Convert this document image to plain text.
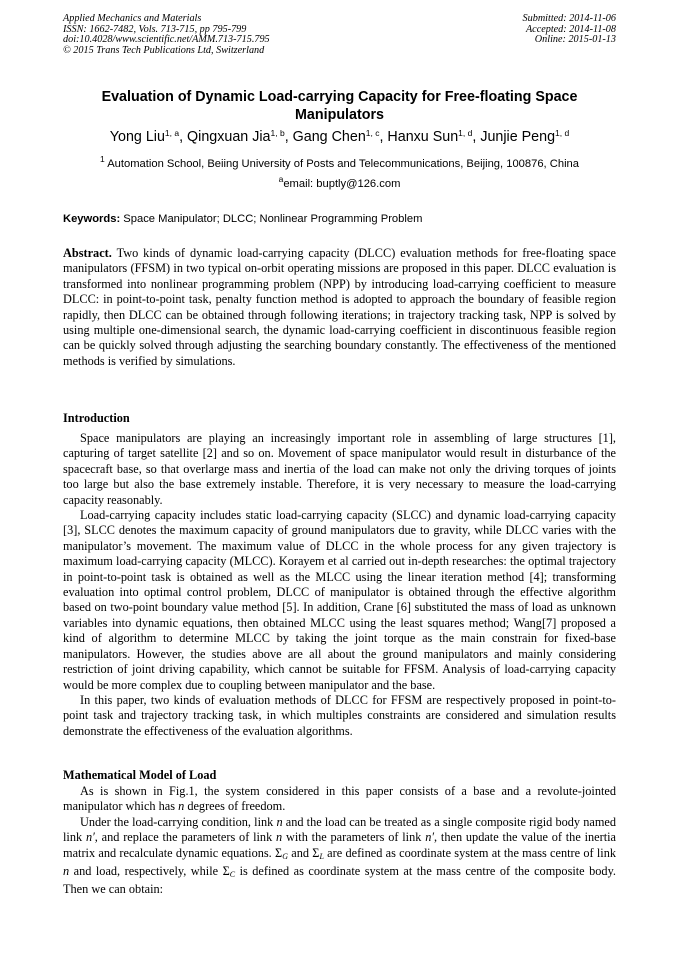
Applied Mechanics and Materials
ISSN: 1662-7482, Vols. 713-715, pp 795-799
doi:10.4028/www.scientific.net/AMM.713-715.795
© 2015 Trans Tech Publications Ltd, Switzerland
Submitted: 2014-11-06
Accepted: 2014-11-08
Online: 2015-01-13
Evaluation of Dynamic Load-carrying Capacity for Free-floating Space Manipulators
Yong Liu$^{1, a}$, Qingxuan Jia$^{1, b}$, Gang Chen$^{1, c}$, Hanxu Sun$^{1, d}$, Junjie Peng$^{1, d}$
$^1$ Automation School, Beiing University of Posts and Telecommunications, Beijing, 100876, China
$^a$email: buptly@126.com
Keywords: Space Manipulator; DLCC; Nonlinear Programming Problem
Abstract. Two kinds of dynamic load-carrying capacity (DLCC) evaluation methods for free-floating space manipulators (FFSM) in two typical on-orbit operating missions are proposed in this paper. DLCC evaluation is transformed into nonlinear programming problem (NPP) by introducing load-carrying coefficient to measure DLCC: in point-to-point task, penalty function method is adopted to approach the boundary of feasible region rapidly, then DLCC can be obtained through following iterations; in trajectory tracking task, NPP is solved by using multiple one-dimensional search, the dynamic load-carrying coefficient in discontinuous feasible region can be quickly solved through adjusting the searching boundary constantly. The effectiveness of the mentioned methods is verified by simulations.
Introduction

Space manipulators are playing an increasingly important role in assembling of large structures [1], capturing of target satellite [2] and so on. Movement of space manipulator would result in disturbance of the spacecraft base, so that overlarge mass and inertia of the load can make not only the driving torques of joints too large but also the base extremely instable. Therefore, it is very necessary to measure the load-carrying capacity reasonably.

Load-carrying capacity includes static load-carrying capacity (SLCC) and dynamic load-carrying capacity [3], SLCC denotes the maximum capacity of ground manipulators due to gravity, while DLCC varies with the manipulator’s movement. The maximum value of DLCC in the whole process for any given trajectory is maximum load-carrying capacity (MLCC). Korayem et al carried out in-depth researches: the optimal trajectory in point-to-point task is obtained as well as the MLCC using the linear iteration method [4]; transforming evaluation into optimal control problem, DLCC of manipulator is obtained through the effective algorithm based on two-point boundary value method [5]. In addition, Crane [6] substituted the mass of load as unknown variables into dynamic equations, then obtained MLCC using the least squares method; Wang[7] proposed a kind of algorithm to determine MLCC by taking the joint torque as the main constrain for fixed-base manipulators. However, the studies above are all about the ground manipulators and mainly considering restriction of joint driving capability, which cannot be suitable for FFSM. Analysis of load-carrying capacity would be more complex due to coupling between manipulator and the base.

In this paper, two kinds of evaluation methods of DLCC for FFSM are respectively proposed in point-to-point task and trajectory tracking task, in which multiples constraints are considered and simulation results demonstrate the effectiveness of the evaluation algorithms.

Mathematical Model of Load

As is shown in Fig.1, the system considered in this paper consists of a base and a revolute-jointed manipulator which has n degrees of freedom.

Under the load-carrying condition, link n and the load can be treated as a single composite rigid body named link n′, and replace the parameters of link n with the parameters of link n′, then update the value of the inertia matrix and recalculate dynamic equations. $\Sigma_G$ and $\Sigma_L$ are defined as coordinate system at the mass centre of link n and load, respectively, while $\Sigma_C$ is defined as coordinate system at the mass centre of the composite body. Then we can obtain:
